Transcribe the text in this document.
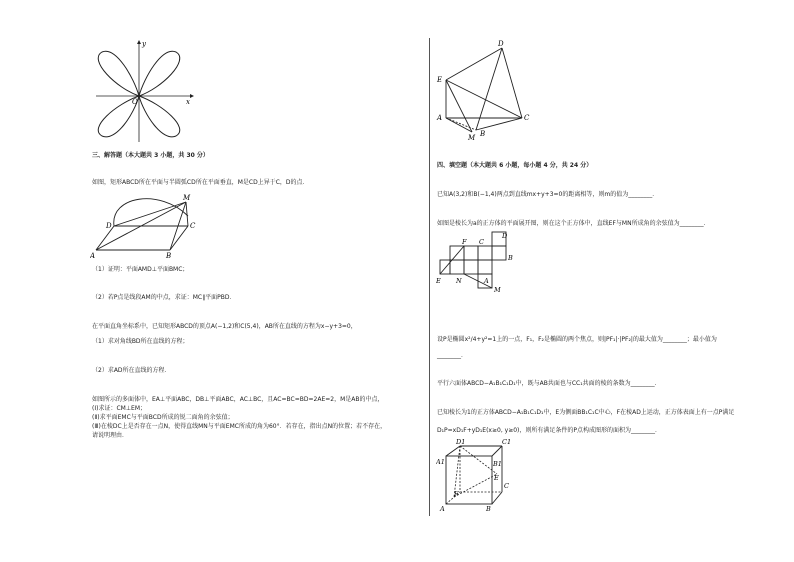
y
x
O
三、解答题（本大题共 3 小题，共 30 分）
如图，矩形ABCD所在平面与半圆弧CD所在平面垂直，M是CD上异于C，D的点．
M
D	C
A	B
（1）证明：平面AMD⊥平面BMC；
（2）若P点是线段AM的中点，求证：MC∥平面PBD．
在平面直角坐标系中，已知矩形ABCD的顶点A(−1,2)和C(5,4)，AB所在直线的方程为x−y+3=0，
（1）求对角线BD所在直线的方程；
（2）求AD所在直线的方程．
如图所示的多面体中，EA⊥平面ABC，DB⊥平面ABC，AC⊥BC，且AC=BC=BD=2AE=2，M是AB的中点，
(Ⅰ)求证：CM⊥EM；
(Ⅱ)求平面EMC与平面BCD所成的锐二面角的余弦值；
(Ⅲ)在棱DC上是否存在一点N，使得直线MN与平面EMC所成的角为60°．若存在，指出点N的位置；若不存在，
请说明理由．
D
E
A
M B
C
四、填空题（本大题共 6 小题，每小题 4 分，共 24 分）
已知A(3,2)和B(−1,4)两点到直线mx+y+3=0的距离相等，则m的值为________．
如图是棱长为a的正方体的平面展开图，则在这个正方体中，直线EF与MN所成角的余弦值为________．
D
F C
B
E N	A
M
设P是椭圆x²/4+y²=1上的一点，F₁，F₂是椭圆的两个焦点，则|PF₁|·|PF₂|的最大值为________；最小值为
________．
平行六面体ABCD−A₁B₁C₁D₁中，既与AB共面也与CC₁共面的棱的条数为________．
已知棱长为1的正方体ABCD−A₁B₁C₁D₁中，E为侧面BB₁C₁C中心，F在棱AD上运动，正方体表面上有一点P满足
D₁P=xD₁F+yD₁E(x≥0, y≥0)，则所有满足条件的P点构成图形的面积为________．
D1	C1
B1
A1
E
F
C
A	B
